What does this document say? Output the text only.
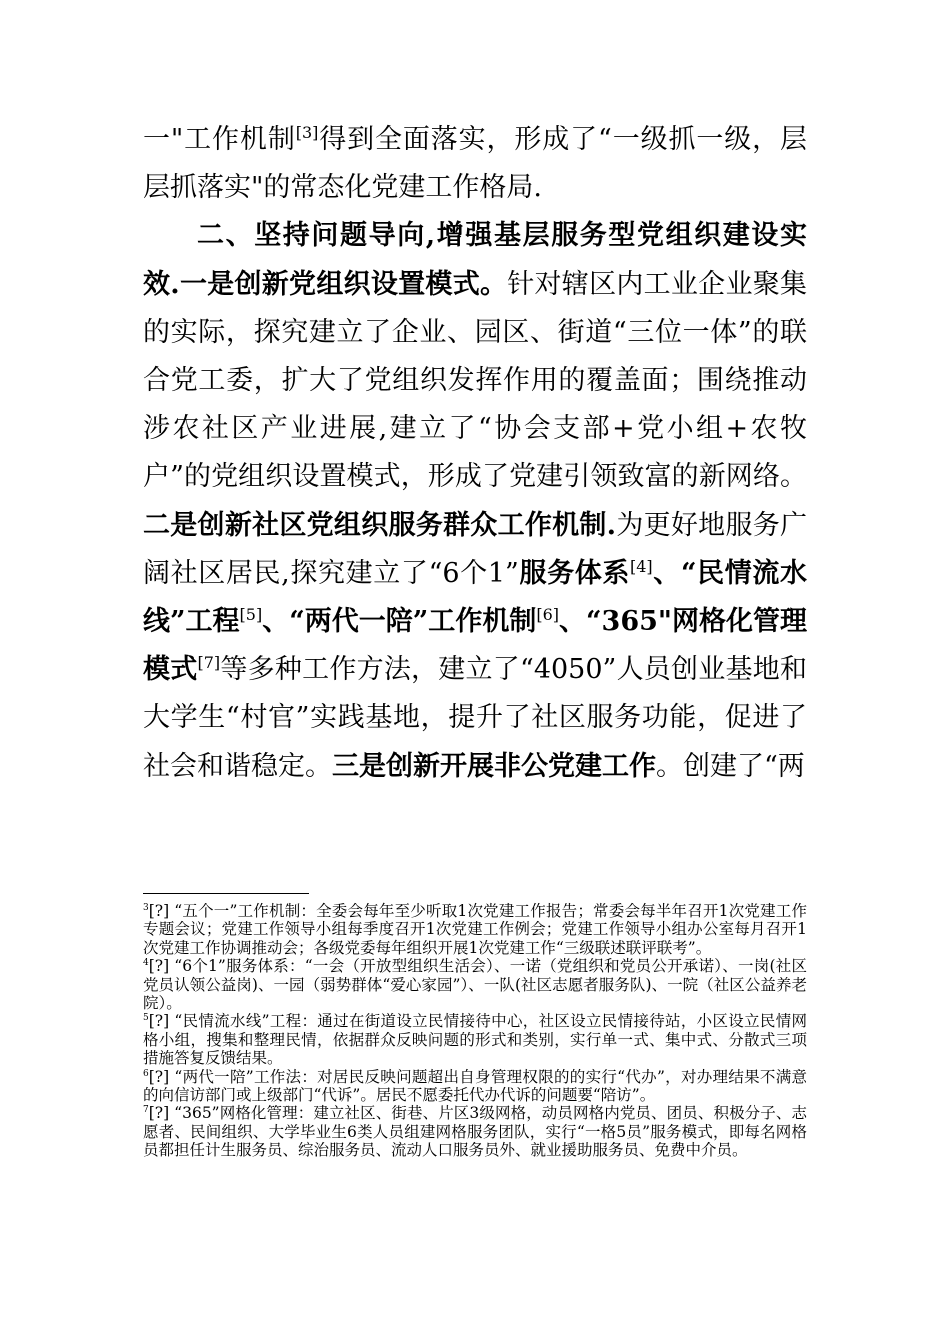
一"工作机制[3]得到全面落实，形成了“一级抓一级，层层抓落实"的常态化党建工作格局.

二、坚持问题导向,增强基层服务型党组织建设实效.一是创新党组织设置模式。针对辖区内工业企业聚集的实际，探究建立了企业、园区、街道“三位一体”的联合党工委，扩大了党组织发挥作用的覆盖面；围绕推动涉农社区产业进展,建立了“协会支部+党小组+农牧户”的党组织设置模式，形成了党建引领致富的新网络。二是创新社区党组织服务群众工作机制.为更好地服务广阔社区居民,探究建立了“6个1”服务体系[4]、“民情流水线”工程[5]、“两代一陪”工作机制[6]、“365"网格化管理模式[7]等多种工作方法，建立了“4050”人员创业基地和大学生“村官”实践基地，提升了社区服务功能，促进了社会和谐稳定。三是创新开展非公党建工作。创建了“两

$^3$[?] “五个一”工作机制：全委会每年至少听取1次党建工作报告；常委会每半年召开1次党建工作专题会议；党建工作领导小组每季度召开1次党建工作例会；党建工作领导小组办公室每月召开1次党建工作协调推动会；各级党委每年组织开展1次党建工作“三级联述联评联考”。

$^4$[?] “6个1”服务体系：“一会（开放型组织生活会）、一诺（党组织和党员公开承诺）、一岗(社区党员认领公益岗)、一园（弱势群体“爱心家园”）、一队(社区志愿者服务队)、一院（社区公益养老院）。

$^5$[?] “民情流水线”工程：通过在街道设立民情接待中心，社区设立民情接待站，小区设立民情网格小组，搜集和整理民情，依据群众反映问题的形式和类别，实行单一式、集中式、分散式三项措施答复反馈结果。

$^6$[?] “两代一陪”工作法：对居民反映问题超出自身管理权限的的实行“代办”，对办理结果不满意的向信访部门或上级部门“代诉”。居民不愿委托代办代诉的问题要“陪访”。

$^7$[?] “365”网格化管理：建立社区、街巷、片区3级网格，动员网格内党员、团员、积极分子、志愿者、民间组织、大学毕业生6类人员组建网格服务团队，实行“一格5员”服务模式，即每名网格员都担任计生服务员、综治服务员、流动人口服务员外、就业援助服务员、免费中介员。
